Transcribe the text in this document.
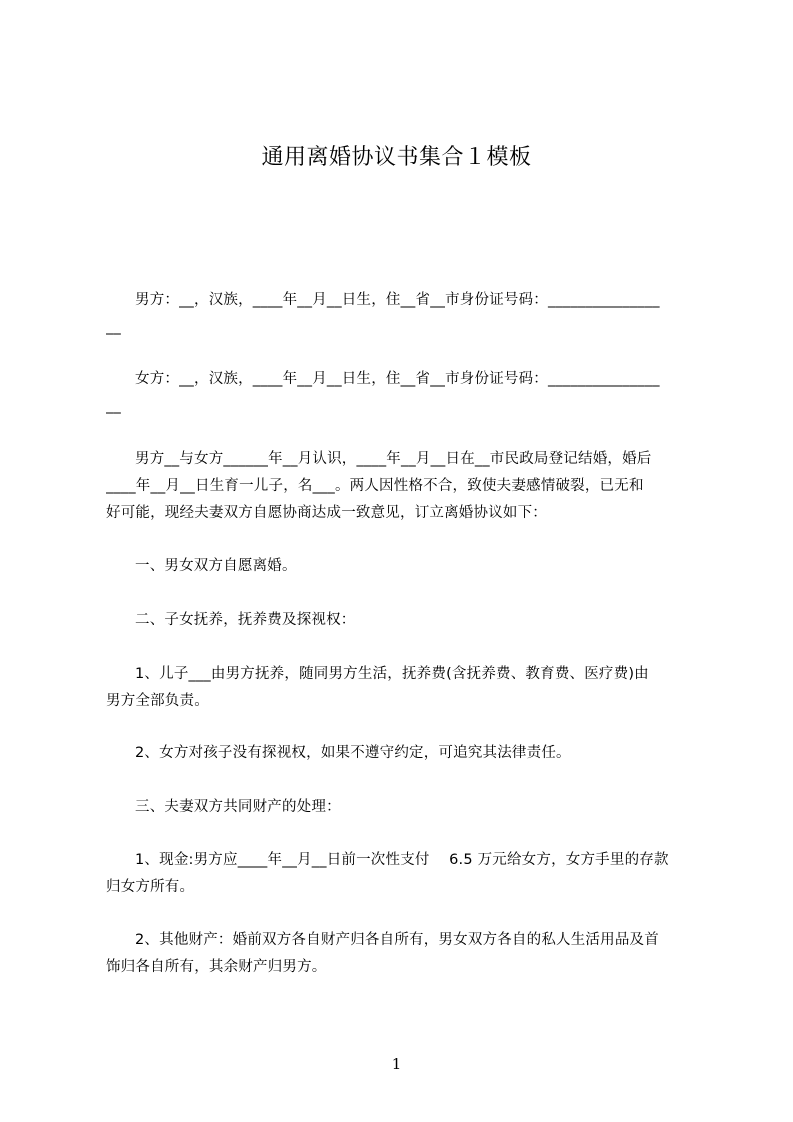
通用离婚协议书集合１模板
男方：__，汉族，____年__月__日生，住__省__市身份证号码：_______________
__
女方：__，汉族，____年__月__日生，住__省__市身份证号码：_______________
__
男方__与女方______年__月认识，____年__月__日在__市民政局登记结婚，婚后
____年__月__日生育一儿子，名___。两人因性格不合，致使夫妻感情破裂，已无和
好可能，现经夫妻双方自愿协商达成一致意见，订立离婚协议如下：
一、男女双方自愿离婚。
二、子女抚养，抚养费及探视权：
1、儿子___由男方抚养，随同男方生活，抚养费(含抚养费、教育费、医疗费)由
男方全部负责。
2、女方对孩子没有探视权，如果不遵守约定，可追究其法律责任。
三、夫妻双方共同财产的处理：
1、现金:男方应____年__月__日前一次性支付　 6.5 万元给女方，女方手里的存款
归女方所有。
2、其他财产：婚前双方各自财产归各自所有，男女双方各自的私人生活用品及首
饰归各自所有，其余财产归男方。
1
